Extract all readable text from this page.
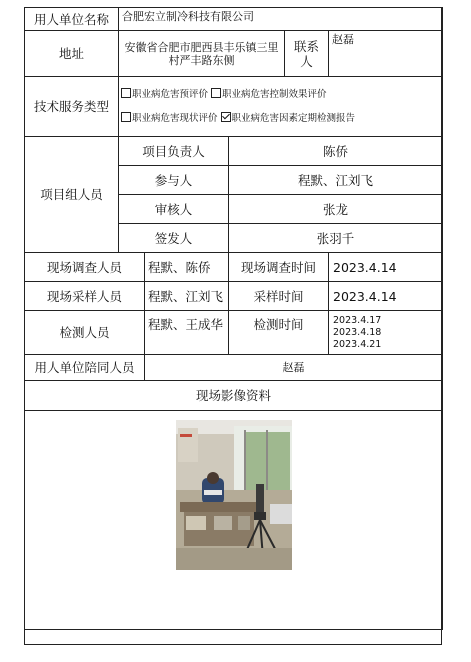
用人单位名称	合肥宏立制冷科技有限公司				
地址	安徽省合肥市肥西县丰乐镇三里村严丰路东侧			联系人	赵磊
技术服务类型	职业病危害预评价 职业病危害控制效果评价
职业病危害现状评价 职业病危害因素定期检测报告				

项目组人员	项目负责人		陈侨		
	参与人		程默、江刘飞		
	审核人		张龙		
	签发人		张羽千		
现场调查人员		程默、陈侨	现场调查时间		2023.4.14
现场采样人员		程默、江刘飞	采样时间		2023.4.14
检测人员		程默、王成华	检测时间		2023.4.17
2023.4.18
2023.4.21

用人单位陪同人员		赵磊			
现场影像资料					
